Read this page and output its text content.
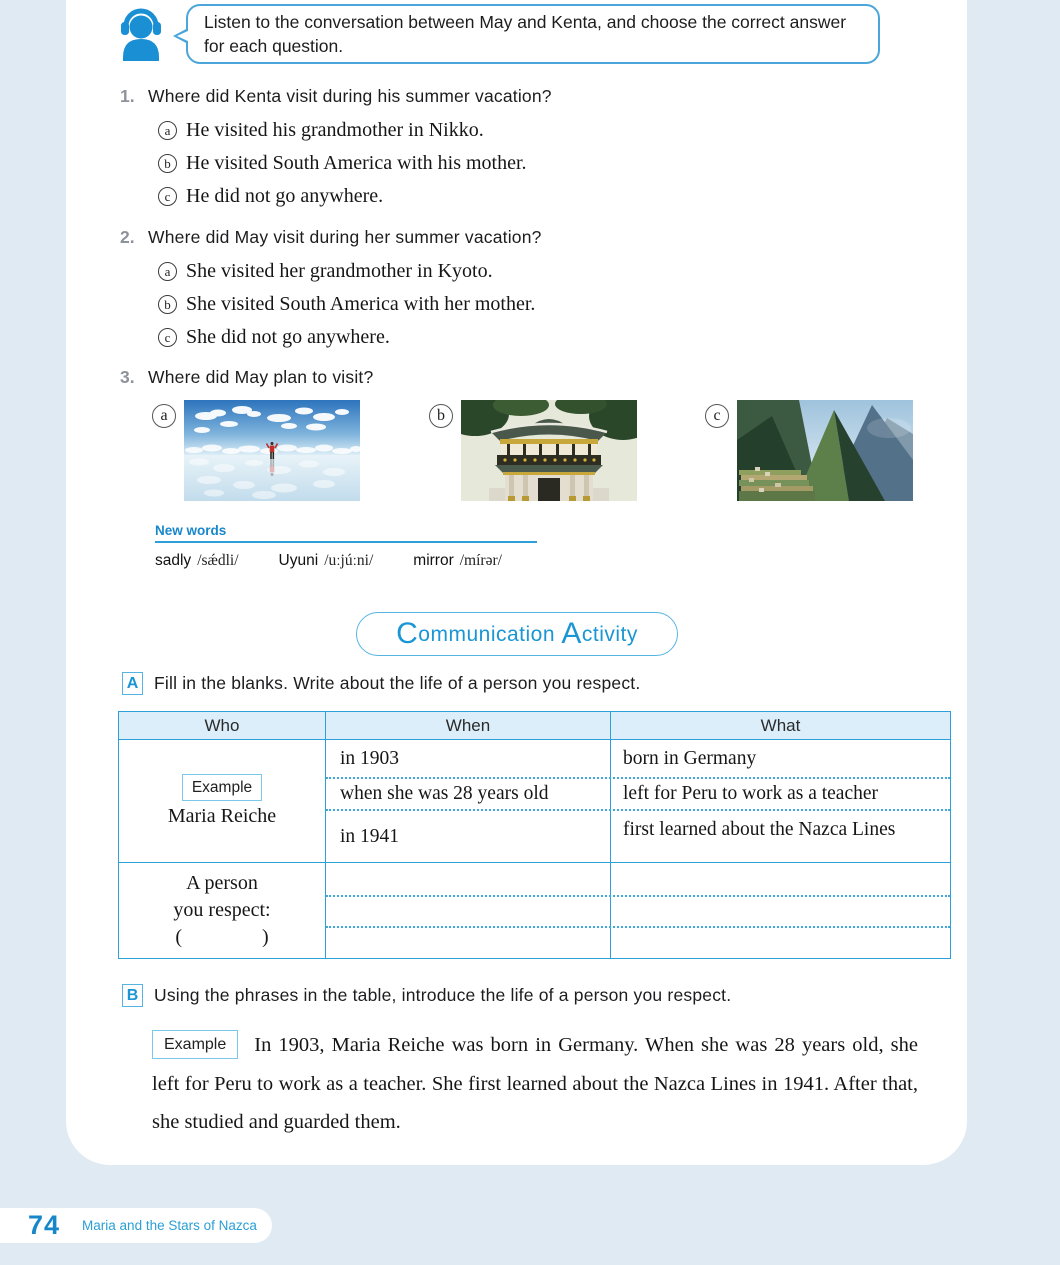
Listen to the conversation between May and Kenta, and choose the correct answer for each question.
1. Where did Kenta visit during his summer vacation?
a He visited his grandmother in Nikko.
b He visited South America with his mother.
c He did not go anywhere.
2. Where did May visit during her summer vacation?
a She visited her grandmother in Kyoto.
b She visited South America with her mother.
c She did not go anywhere.
3. Where did May plan to visit?
a	b	c
New words
sadly /sǽdli/	Uyuni /uːjúːni/	mirror /mírər/
C ommunication A ctivity
A Fill in the blanks. Write about the life of a person you respect.
Who	When	What
Example
Maria Reiche
in 1903	born in Germany
when she was 28 years old	left for Peru to work as a teacher
in 1941	first learned about the Nazca Lines
A person
you respect:
(                )
B Using the phrases in the table, introduce the life of a person you respect.

Example In 1903, Maria Reiche was born in Germany. When she was 28 years old, she left for Peru to work as a teacher. She first learned about the Nazca Lines in 1941. After that, she studied and guarded them.

74 Maria and the Stars of Nazca
